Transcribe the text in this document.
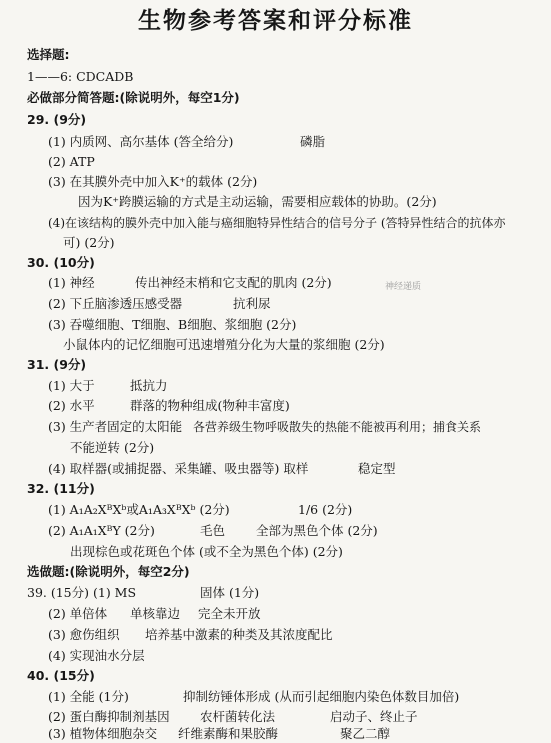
生物参考答案和评分标准
选择题:
1——6: CDCADB
必做部分简答题:(除说明外，每空1分)
29. (9分)
(1) 内质网、高尔基体 (答全给分)	磷脂
(2) ATP
(3) 在其膜外壳中加入K⁺的载体 (2分)
因为K⁺跨膜运输的方式是主动运输，需要相应载体的协助。(2分)
(4)在该结构的膜外壳中加入能与癌细胞特异性结合的信号分子 (答特异性结合的抗体亦
可) (2分)
30. (10分)
(1) 神经	传出神经末梢和它支配的肌肉 (2分)	神经递质
(2) 下丘脑渗透压感受器	抗利尿
(3) 吞噬细胞、T细胞、B细胞、浆细胞 (2分)
小鼠体内的记忆细胞可迅速增殖分化为大量的浆细胞 (2分)
31. (9分)
(1) 大于	抵抗力
(2) 水平	群落的物种组成(物种丰富度)
(3) 生产者固定的太阳能 各营养级生物呼吸散失的热能不能被再利用；捕食关系
不能逆转 (2分)
(4) 取样器(或捕捉器、采集罐、吸虫器等) 取样	稳定型
32. (11分)
(1) A₁A₂XᴮXᵇ或A₁A₃XᴮXᵇ (2分)	1/6 (2分)
(2) A₁A₁XᴮY (2分)	毛色 全部为黑色个体 (2分)
出现棕色或花斑色个体 (或不全为黑色个体) (2分)
选做题:(除说明外，每空2分)
39. (15分) (1) MS	固体 (1分)
(2) 单倍体 单核靠边 完全未开放
(3) 愈伤组织 培养基中激素的种类及其浓度配比
(4) 实现油水分层
40. (15分)
(1) 全能 (1分)	抑制纺锤体形成 (从而引起细胞内染色体数目加倍)
(2) 蛋白酶抑制剂基因 农杆菌转化法	启动子、终止子
(3) 植物体细胞杂交 纤维素酶和果胶酶	聚乙二醇
